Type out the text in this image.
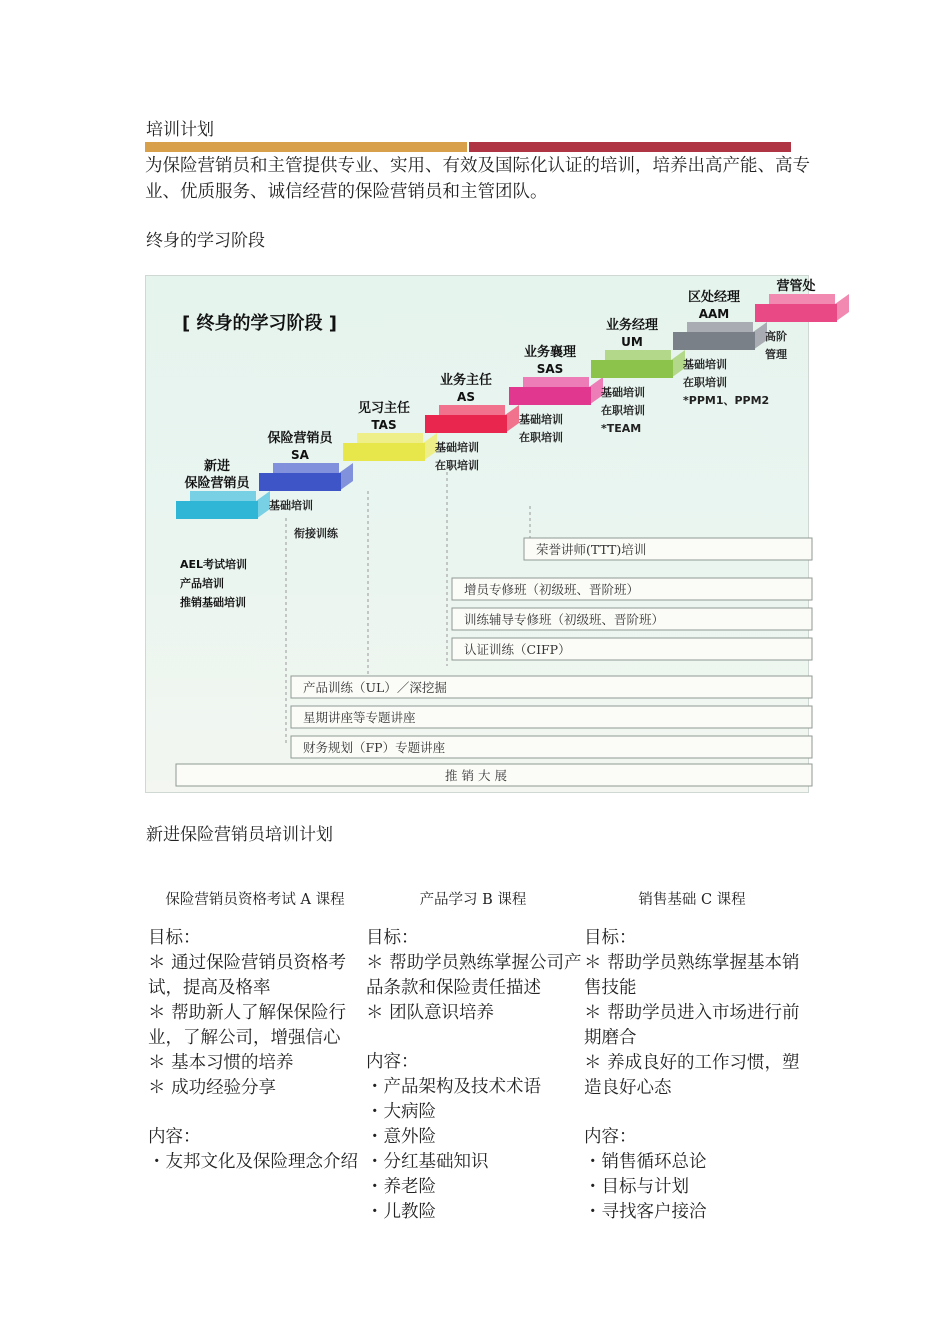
培训计划
为保险营销员和主管提供专业、实用、有效及国际化认证的培训，培养出高产能、高专业、优质服务、诚信经营的保险营销员和主管团队。
终身的学习阶段
[ 终身的学习阶段 ]
新进
保险营销员
衔接训练
保险营销员
SA
基础培训
见习主任
TAS
业务主任
AS
基础培训
在职培训
业务襄理
SAS
基础培训
在职培训
业务经理
UM
基础培训
在职培训
*TEAM
区处经理
AAM
基础培训
在职培训
*PPM1、PPM2
营管处
高阶
管理
AEL考试培训
产品培训
推销基础培训
荣誉讲师(TTT)培训
增员专修班（初级班、晋阶班）
训练辅导专修班（初级班、晋阶班）
认证训练（CIFP）
产品训练（UL）／深挖掘
星期讲座等专题讲座
财务规划（FP）专题讲座
推 销 大 展
新进保险营销员培训计划
保险营销员资格考试 A 课程	产品学习 B 课程	销售基础 C 课程

目标：

＊ 通过保险营销员资格考试，提高及格率

＊ 帮助新人了解保保险行业，了解公司，增强信心

＊ 基本习惯的培养

＊ 成功经验分享

内容：

・友邦文化及保险理念介绍

目标：

＊ 帮助学员熟练掌握公司产品条款和保险责任描述

＊ 团队意识培养

内容：

・产品架构及技术术语

・大病险

・意外险

・分红基础知识

・养老险

・儿教险

目标：

＊ 帮助学员熟练掌握基本销售技能

＊ 帮助学员进入市场进行前期磨合

＊ 养成良好的工作习惯，塑造良好心态

内容：

・销售循环总论

・目标与计划

・寻找客户接洽
